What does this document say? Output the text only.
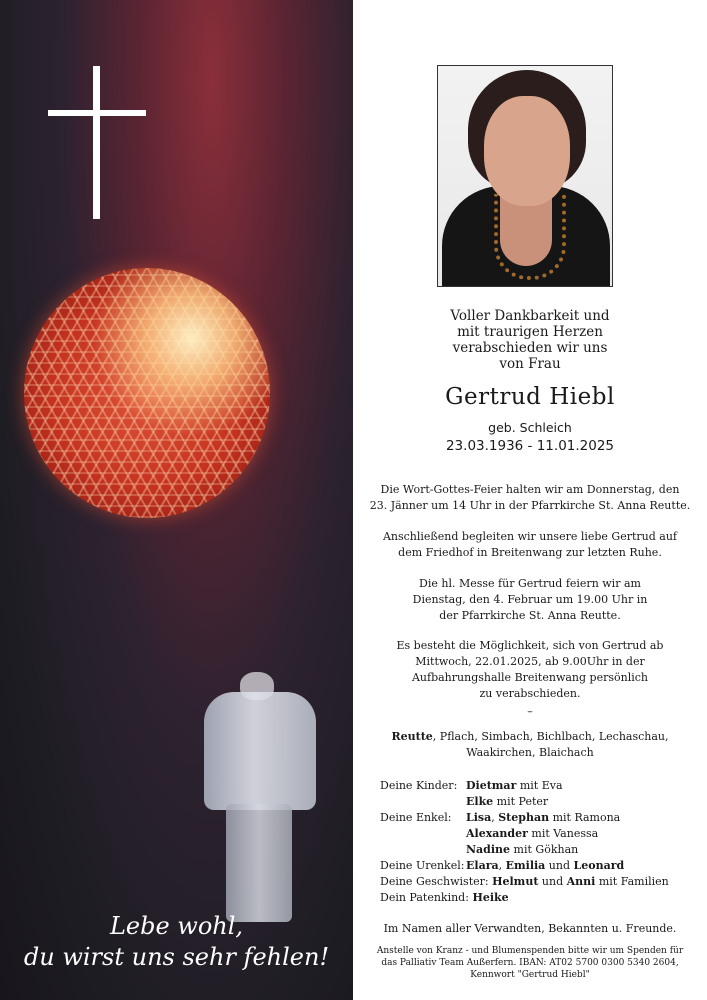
Lebe wohl,
du wirst uns sehr fehlen!
Voller Dankbarkeit und
mit traurigen Herzen
verabschieden wir uns
von Frau
Gertrud Hiebl
geb. Schleich
23.03.1936 - 11.01.2025
Die Wort-Gottes-Feier halten wir am Donnerstag, den
23. Jänner um 14 Uhr in der Pfarrkirche St. Anna Reutte.
Anschließend begleiten wir unsere liebe Gertrud auf
dem Friedhof in Breitenwang zur letzten Ruhe.
Die hl. Messe für Gertrud feiern wir am
Dienstag, den 4. Februar um 19.00 Uhr in
der Pfarrkirche St. Anna Reutte.
Es besteht die Möglichkeit, sich von Gertrud ab
Mittwoch, 22.01.2025, ab 9.00Uhr in der
Aufbahrungshalle Breitenwang persönlich
zu verabschieden.
–
Reutte, Pflach, Simbach, Bichlbach, Lechaschau,
Waakirchen, Blaichach
Deine Kinder: Dietmar mit Eva
Elke mit Peter
Deine Enkel:	Lisa, Stephan mit Ramona
Alexander mit Vanessa
Nadine mit Gökhan
Deine Urenkel: Elara, Emilia und Leonard
Deine Geschwister: Helmut und Anni mit Familien
Dein Patenkind: Heike
Im Namen aller Verwandten, Bekannten u. Freunde.
Anstelle von Kranz - und Blumenspenden bitte wir um Spenden für
das Palliativ Team Außerfern. IBAN: AT02 5700 0300 5340 2604,
Kennwort "Gertrud Hiebl"
